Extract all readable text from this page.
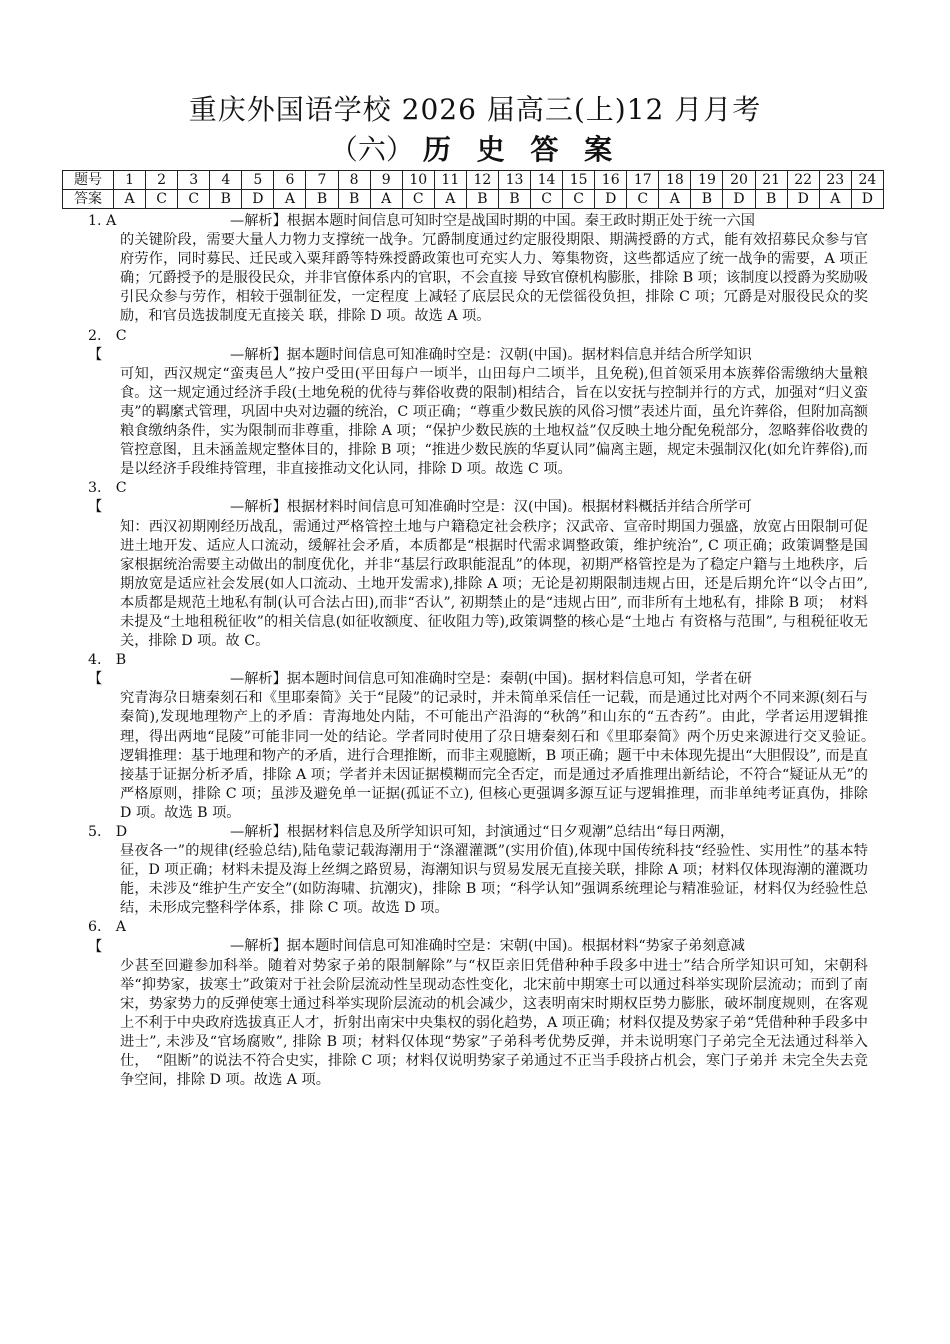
重庆外国语学校 2026 届高三(上)12 月月考
（六） 历 史 答 案
题号	1	2	3	4	5	6	7	8	9	10	11	12	13	14	15	16	17	18	19	20	21	22	23	24
答案	A	C	C	B	D	A	B	B	A	C	A	B	B	C	C	D	C	A	B	D	B	D	A	D
1. A	—解析】根据本题时间信息可知时空是战国时期的中国。秦王政时期正处于统一六国
的关键阶段，需要大量人力物力支撑统一战争。冗爵制度通过约定服役期限、期满授爵的方式，能有效招募民众参与官府劳作，同时募民、迁民或入粟拜爵等特殊授爵政策也可充实人力、筹集物资，这些都适应了统一战争的需要，A 项正确；冗爵授予的是服役民众，并非官僚体系内的官职，不会直接 导致官僚机构膨胀，排除 B 项；该制度以授爵为奖励吸引民众参与劳作，相较于强制征发，一定程度 上减轻了底层民众的无偿徭役负担，排除 C 项；冗爵是对服役民众的奖励，和官员选拔制度无直接关 联，排除 D 项。故选 A 项。
2.　C【	—解析】据本题时间信息可知准确时空是：汉朝(中国)。据材料信息并结合所学知识
可知，西汉规定“蛮夷邑人”按户受田(平田每户一顷半，山田每户二顷半，且免税),但首领采用本族葬俗需缴纳大量粮食。这一规定通过经济手段(土地免税的优待与葬俗收费的限制)相结合，旨在以安抚与控制并行的方式，加强对“归义蛮夷”的羁縻式管理，巩固中央对边疆的统治，C 项正确；“尊重少数民族的风俗习惯”表述片面，虽允许葬俗，但附加高额粮食缴纳条件，实为限制而非尊重，排除 A 项；“保护少数民族的土地权益”仅反映土地分配免税部分，忽略葬俗收费的管控意图，且未涵盖规定整体目的，排除 B 项；“推进少数民族的华夏认同”偏离主题，规定未强制汉化(如允许葬俗),而是以经济手段维持管理，非直接推动文化认同，排除 D 项。故选 C 项。
3.　C【	—解析】根据材料时间信息可知准确时空是：汉(中国)。根据材料概括并结合所学可
知：西汉初期刚经历战乱，需通过严格管控土地与户籍稳定社会秩序；汉武帝、宣帝时期国力强盛，放宽占田限制可促进土地开发、适应人口流动，缓解社会矛盾，本质都是“根据时代需求调整政策，维护统治”, C 项正确；政策调整是国家根据统治需要主动做出的制度优化，并非“基层行政职能混乱”的体现，初期严格管控是为了稳定户籍与土地秩序，后期放宽是适应社会发展(如人口流动、土地开发需求),排除 A 项；无论是初期限制违规占田，还是后期允许“以令占田”, 本质都是规范土地私有制(认可合法占田),而非“否认”, 初期禁止的是“违规占田”, 而非所有土地私有，排除 B 项；　材料未提及“土地租税征收”的相关信息(如征收额度、征收阻力等),政策调整的核心是“土地占 有资格与范围”, 与租税征收无关，排除 D 项。故 C。
4.　B【	—解析】据本题时间信息可知准确时空是：秦朝(中国)。据材料信息可知，学者在研
究青海尕日塘秦刻石和《里耶秦简》关于“昆陵”的记录时，并未简单采信任一记载，而是通过比对两个不同来源(刻石与秦简),发现地理物产上的矛盾：青海地处内陆，不可能出产沿海的“秋鸽”和山东的“五杏药”。由此，学者运用逻辑推理，得出两地“昆陵”可能非同一处的结论。学者同时使用了尕日塘秦刻石和《里耶秦简》两个历史来源进行交叉验证。　逻辑推理：基于地理和物产的矛盾，进行合理推断，而非主观臆断，B 项正确；题干中未体现先提出“大胆假设”, 而是直接基于证据分析矛盾，排除 A 项；学者并未因证据模糊而完全否定，而是通过矛盾推理出新结论，不符合“疑证从无”的严格原则，排除 C 项；虽涉及避免单一证据(孤证不立), 但核心更强调多源互证与逻辑推理，而非单纯考证真伪，排除 D 项。故选 B 项。
5.　D	—解析】根据材料信息及所学知识可知，封演通过“日夕观潮”总结出“每日两潮，
昼夜各一”的规律(经验总结),陆龟蒙记载海潮用于“涤濯灌溉”(实用价值),体现中国传统科技“经验性、实用性”的基本特征，D 项正确；材料未提及海上丝绸之路贸易，海潮知识与贸易发展无直接关联，排除 A 项；材料仅体现海潮的灌溉功能，未涉及“维护生产安全”(如防海啸、抗潮灾)，排除 B 项；“科学认知”强调系统理论与精准验证，材料仅为经验性总结，未形成完整科学体系，排 除 C 项。故选 D 项。
6.　A【	—解析】据本题时间信息可知准确时空是：宋朝(中国)。根据材料“势家子弟刻意减
少甚至回避参加科举。随着对势家子弟的限制解除”与“权臣亲旧凭借种种手段多中进士”结合所学知识可知，宋朝科举“抑势家，拔寒士”政策对于社会阶层流动性呈现动态性变化，北宋前中期寒士可以通过科举实现阶层流动；而到了南宋，势家势力的反弹使寒士通过科举实现阶层流动的机会减少，这表明南宋时期权臣势力膨胀，破坏制度规则，在客观上不利于中央政府选拔真正人才，折射出南宋中央集权的弱化趋势，A 项正确；材料仅提及势家子弟“凭借种种手段多中进士”, 未涉及“官场腐败”, 排除 B 项；材料仅体现“势家”子弟科考优势反弹，并未说明寒门子弟完全无法通过科举入仕，　“阻断”的说法不符合史实，排除 C 项；材料仅说明势家子弟通过不正当手段挤占机会，寒门子弟并 未完全失去竞争空间，排除 D 项。故选 A 项。
